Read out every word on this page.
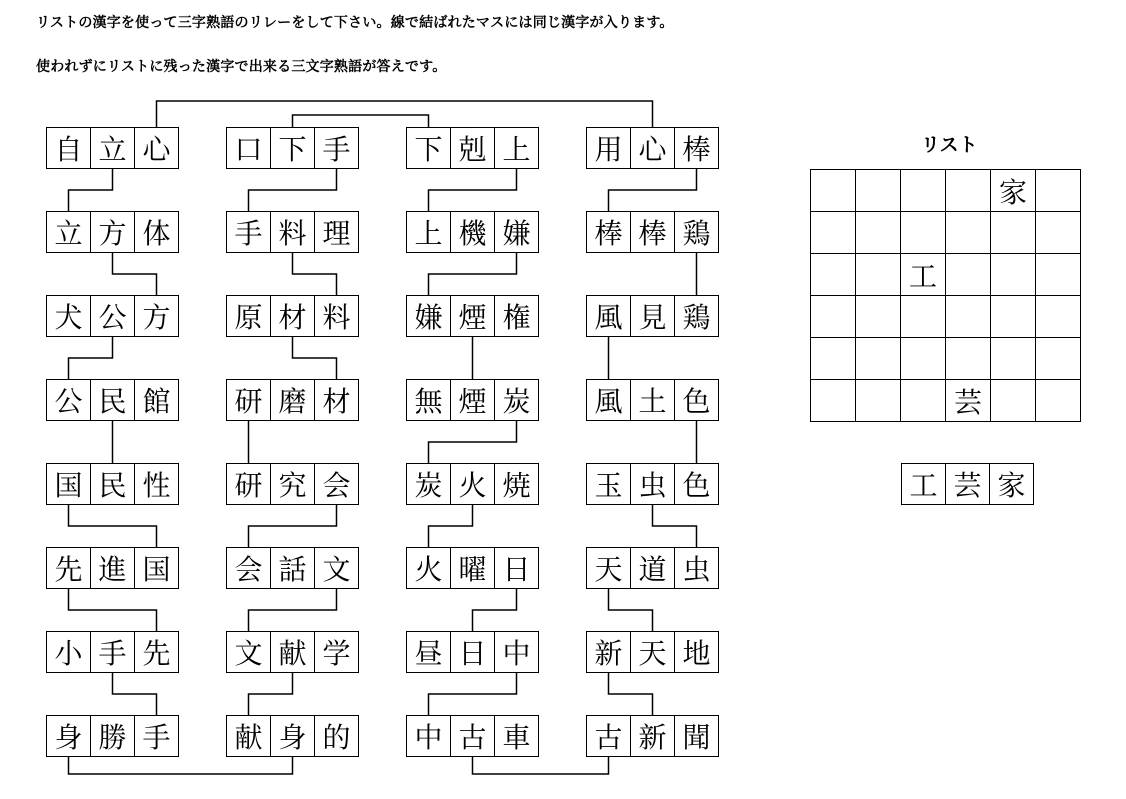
リストの漢字を使って三字熟語のリレーをして下さい。線で結ばれたマスには同じ漢字が入ります。
使われずにリストに残った漢字で出来る三文字熟語が答えです。
自 立 心
立 方 体
犬 公 方
公 民 館
国 民 性
先 進 国
小 手 先
身 勝 手
口 下 手
手 料 理
原 材 料
研 磨 材
研 究 会
会 話 文
文 献 学
献 身 的
下 剋 上
上 機 嫌
嫌 煙 権
無 煙 炭
炭 火 焼
火 曜 日
昼 日 中
中 古 車
用 心 棒
棒 棒 鶏
風 見 鶏
風 土 色
玉 虫 色
天 道 虫
新 天 地
古 新 聞
リスト
家
工
芸
工 芸 家
